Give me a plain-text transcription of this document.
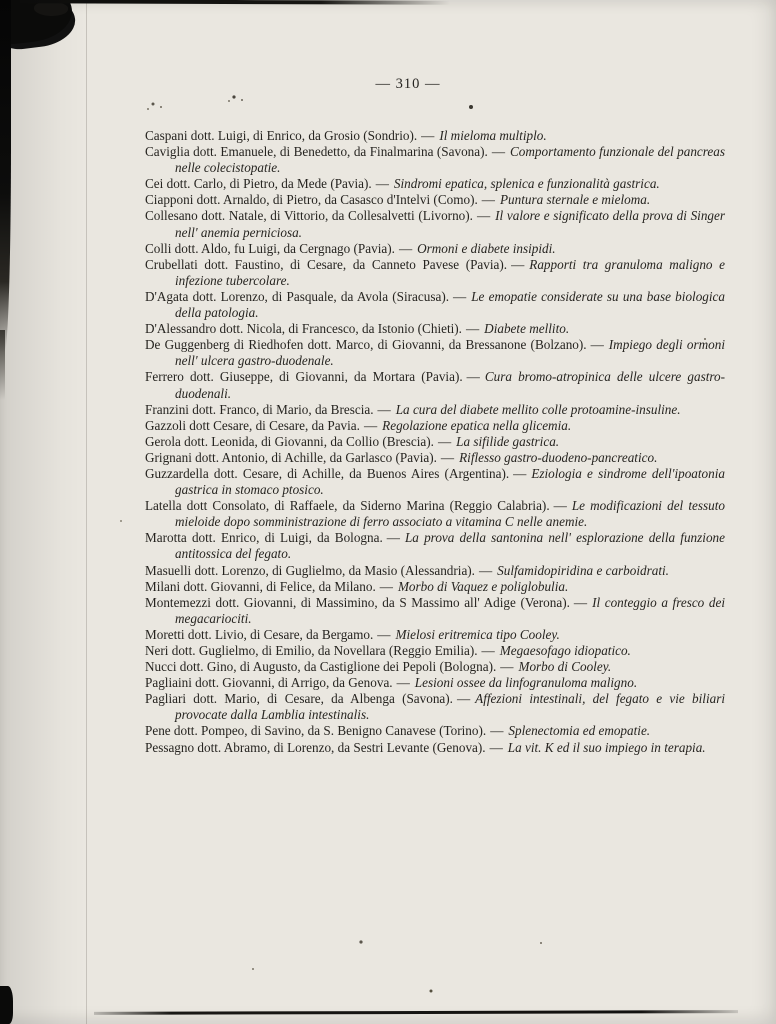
— 310 —
Caspani dott. Luigi, di Enrico, da Grosio (Sondrio). — Il mieloma multiplo.
Caviglia dott. Emanuele, di Benedetto, da Finalmarina (Savona). — Comportamento funzionale del pancreas nelle colecistopatie.
Cei dott. Carlo, di Pietro, da Mede (Pavia). — Sindromi epatica, splenica e funzionalità gastrica.
Ciapponi dott. Arnaldo, di Pietro, da Casasco d'Intelvi (Como). — Puntura sternale e mieloma.
Collesano dott. Natale, di Vittorio, da Collesalvetti (Livorno). — Il valore e significato della prova di Singer nell' anemia perniciosa.
Colli dott. Aldo, fu Luigi, da Cergnago (Pavia). — Ormoni e diabete insipidi.
Crubellati dott. Faustino, di Cesare, da Canneto Pavese (Pavia). — Rapporti tra granuloma maligno e infezione tubercolare.
D'Agata dott. Lorenzo, di Pasquale, da Avola (Siracusa). — Le emopatie considerate su una base biologica della patologia.
D'Alessandro dott. Nicola, di Francesco, da Istonio (Chieti). — Diabete mellito.
De Guggenberg di Riedhofen dott. Marco, di Giovanni, da Bressanone (Bolzano). — Impiego degli ormoni nell' ulcera gastro-duodenale.
Ferrero dott. Giuseppe, di Giovanni, da Mortara (Pavia). — Cura bromo-atropinica delle ulcere gastro-duodenali.
Franzini dott. Franco, di Mario, da Brescia. — La cura del diabete mellito colle protoamine-insuline.
Gazzoli dott Cesare, di Cesare, da Pavia. — Regolazione epatica nella glicemia.
Gerola dott. Leonida, di Giovanni, da Collio (Brescia). — La sifilide gastrica.
Grignani dott. Antonio, di Achille, da Garlasco (Pavia). — Riflesso gastro-duodeno-pancreatico.
Guzzardella dott. Cesare, di Achille, da Buenos Aires (Argentina). — Eziologia e sindrome dell'ipoatonia gastrica in stomaco ptosico.
Latella dott Consolato, di Raffaele, da Siderno Marina (Reggio Calabria). — Le modificazioni del tessuto mieloide dopo somministrazione di ferro associato a vitamina C nelle anemie.
Marotta dott. Enrico, di Luigi, da Bologna. — La prova della santonina nell' esplorazione della funzione antitossica del fegato.
Masuelli dott. Lorenzo, di Guglielmo, da Masio (Alessandria). — Sulfamidopiridina e carboidrati.
Milani dott. Giovanni, di Felice, da Milano. — Morbo di Vaquez e poliglobulia.
Montemezzi dott. Giovanni, di Massimino, da S Massimo all' Adige (Verona). — Il conteggio a fresco dei megacariociti.
Moretti dott. Livio, di Cesare, da Bergamo. — Mielosi eritremica tipo Cooley.
Neri dott. Guglielmo, di Emilio, da Novellara (Reggio Emilia). — Megaesofago idiopatico.
Nucci dott. Gino, di Augusto, da Castiglione dei Pepoli (Bologna). — Morbo di Cooley.
Pagliaini dott. Giovanni, di Arrigo, da Genova. — Lesioni ossee da linfogranuloma maligno.
Pagliari dott. Mario, di Cesare, da Albenga (Savona). — Affezioni intestinali, del fegato e vie biliari provocate dalla Lamblia intestinalis.
Pene dott. Pompeo, di Savino, da S. Benigno Canavese (Torino). — Splenectomia ed emopatie.
Pessagno dott. Abramo, di Lorenzo, da Sestri Levante (Genova). — La vit. K ed il suo impiego in terapia.
